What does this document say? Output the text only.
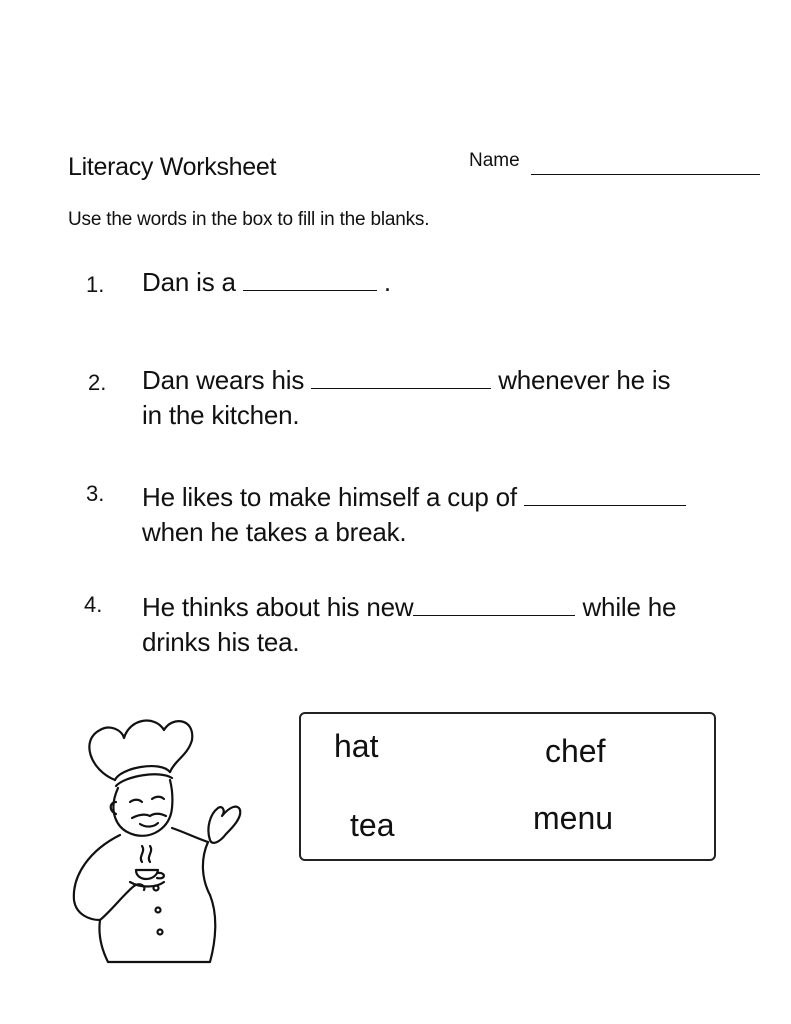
Literacy Worksheet	Name
Use the words in the box to fill in the blanks.
1. Dan is a	.
2. Dan wears his	whenever he is
in the kitchen.
3. He likes to make himself a cup of
when he takes a break.
4. He thinks about his new	while he
drinks his tea.
hat	chef
tea	menu
